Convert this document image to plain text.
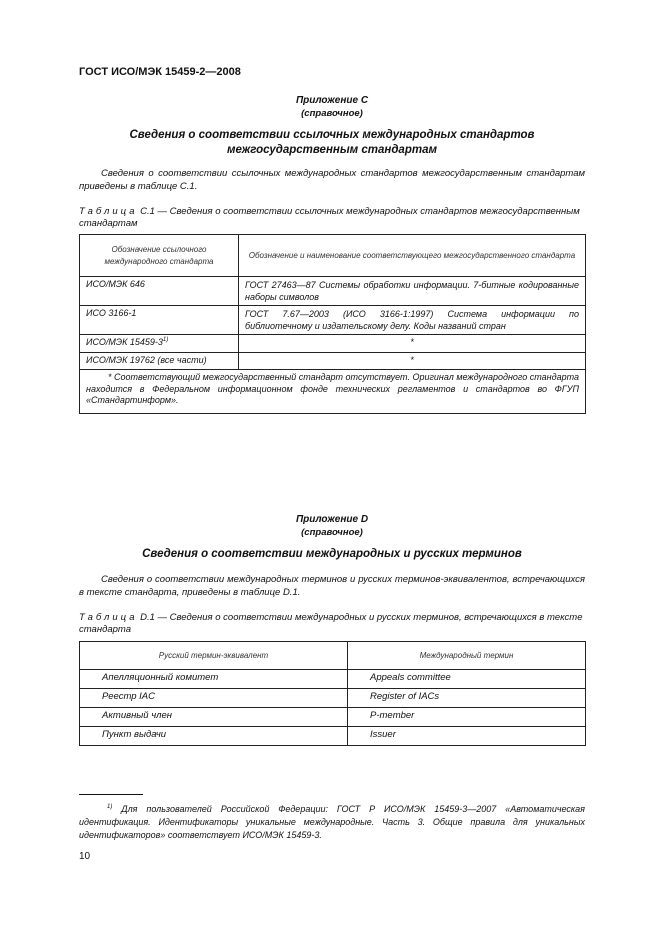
ГОСТ ИСО/МЭК 15459-2—2008
Приложение С
(справочное)
Сведения о соответствии ссылочных международных стандартов
межгосударственным стандартам
Сведения о соответствии ссылочных международных стандартов межгосударственным стандартам приведены в таблице С.1.
Таблица С.1 — Сведения о соответствии ссылочных международных стандартов межгосударственным стандартам
Обозначение ссылочного международного стандарта	Обозначение и наименование соответствующего межгосударственного стандарта
ИСО/МЭК 646	ГОСТ 27463—87 Системы обработки информации. 7-битные кодированные наборы символов
ИСО 3166-1	ГОСТ 7.67—2003 (ИСО 3166-1:1997) Система информации по библиотечному и издательскому делу. Коды названий стран
ИСО/МЭК 15459-3$^{1)}$	*
ИСО/МЭК 19762 (все части)	*

* Соответствующий межгосударственный стандарт отсутствует. Оригинал международного стандарта находится в Федеральном информационном фонде технических регламентов и стандартов во ФГУП «Стандартинформ».	
Приложение D
(справочное)
Сведения о соответствии международных и русских терминов
Сведения о соответствии международных терминов и русских терминов-эквивалентов, встречающихся в тексте стандарта, приведены в таблице D.1.
Таблица D.1 — Сведения о соответствии международных и русских терминов, встречающихся в тексте стандарта
Русский термин-эквивалент	Международный термин
Апелляционный комитет	Appeals committee
Реестр IAC	Register of IACs
Активный член	P-member
Пункт выдачи	Issuer
$^{1)}$ Для пользователей Российской Федерации: ГОСТ Р ИСО/МЭК 15459-3—2007 «Автоматическая идентификация. Идентификаторы уникальные международные. Часть 3. Общие правила для уникальных идентификаторов» соответствует ИСО/МЭК 15459-3.
10
